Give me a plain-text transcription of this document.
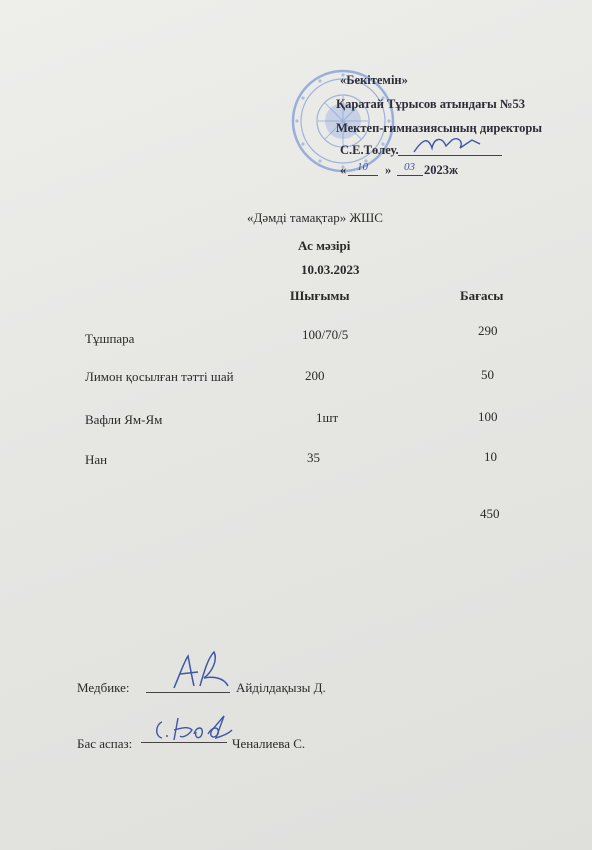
«Бекітемін»
Қаратай Тұрысов атындағы №53
Мектеп-гимназиясының директоры
С.Е.Төлеу.
« 10 » 03 2023ж
«Дәмді тамақтар» ЖШС
Ас мәзірі
10.03.2023
Шығымы	Бағасы
Тұшпара	100/70/5	290
Лимон қосылған тәтті шай	200	50
Вафли Ям-Ям	1шт	100
Нан	35	10
450
Медбике:	Айділдақызы Д.
Бас аспаз:	Ченалиева С.
